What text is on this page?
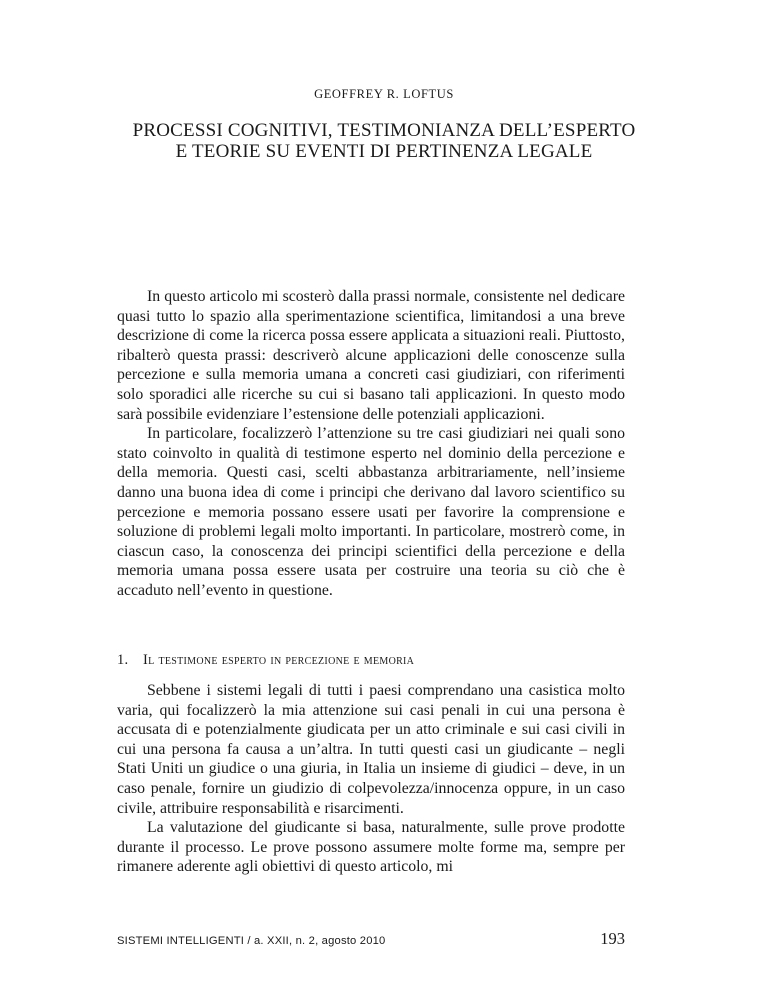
GEOFFREY R. LOFTUS
PROCESSI COGNITIVI, TESTIMONIANZA DELL’ESPERTO
E TEORIE SU EVENTI DI PERTINENZA LEGALE

In questo articolo mi scosterò dalla prassi normale, consistente nel dedicare quasi tutto lo spazio alla sperimentazione scientifica, limitandosi a una breve descrizione di come la ricerca possa essere applicata a situazioni reali. Piuttosto, ribalterò questa prassi: descriverò alcune applicazioni delle conoscenze sulla percezione e sulla memoria umana a concreti casi giudiziari, con riferimenti solo sporadici alle ricerche su cui si basano tali applicazioni. In questo modo sarà possibile evidenziare l’estensione delle potenziali applicazioni.

In particolare, focalizzerò l’attenzione su tre casi giudiziari nei quali sono stato coinvolto in qualità di testimone esperto nel dominio della percezione e della memoria. Questi casi, scelti abbastanza arbitrariamente, nell’insieme danno una buona idea di come i principi che derivano dal lavoro scientifico su percezione e memoria possano essere usati per favorire la comprensione e soluzione di problemi legali molto importanti. In particolare, mostrerò come, in ciascun caso, la conoscenza dei principi scientifici della percezione e della memoria umana possa essere usata per costruire una teoria su ciò che è accaduto nell’evento in questione.

1. Il testimone esperto in percezione e memoria

Sebbene i sistemi legali di tutti i paesi comprendano una casistica molto varia, qui focalizzerò la mia attenzione sui casi penali in cui una persona è accusata di e potenzialmente giudicata per un atto criminale e sui casi civili in cui una persona fa causa a un’altra. In tutti questi casi un giudicante – negli Stati Uniti un giudice o una giuria, in Italia un insieme di giudici – deve, in un caso penale, fornire un giudizio di colpevolezza/innocenza oppure, in un caso civile, attribuire responsabilità e risarcimenti.

La valutazione del giudicante si basa, naturalmente, sulle prove prodotte durante il processo. Le prove possono assumere molte forme ma, sempre per rimanere aderente agli obiettivi di questo articolo, mi

SISTEMI INTELLIGENTI / a. XXII, n. 2, agosto 2010	193
